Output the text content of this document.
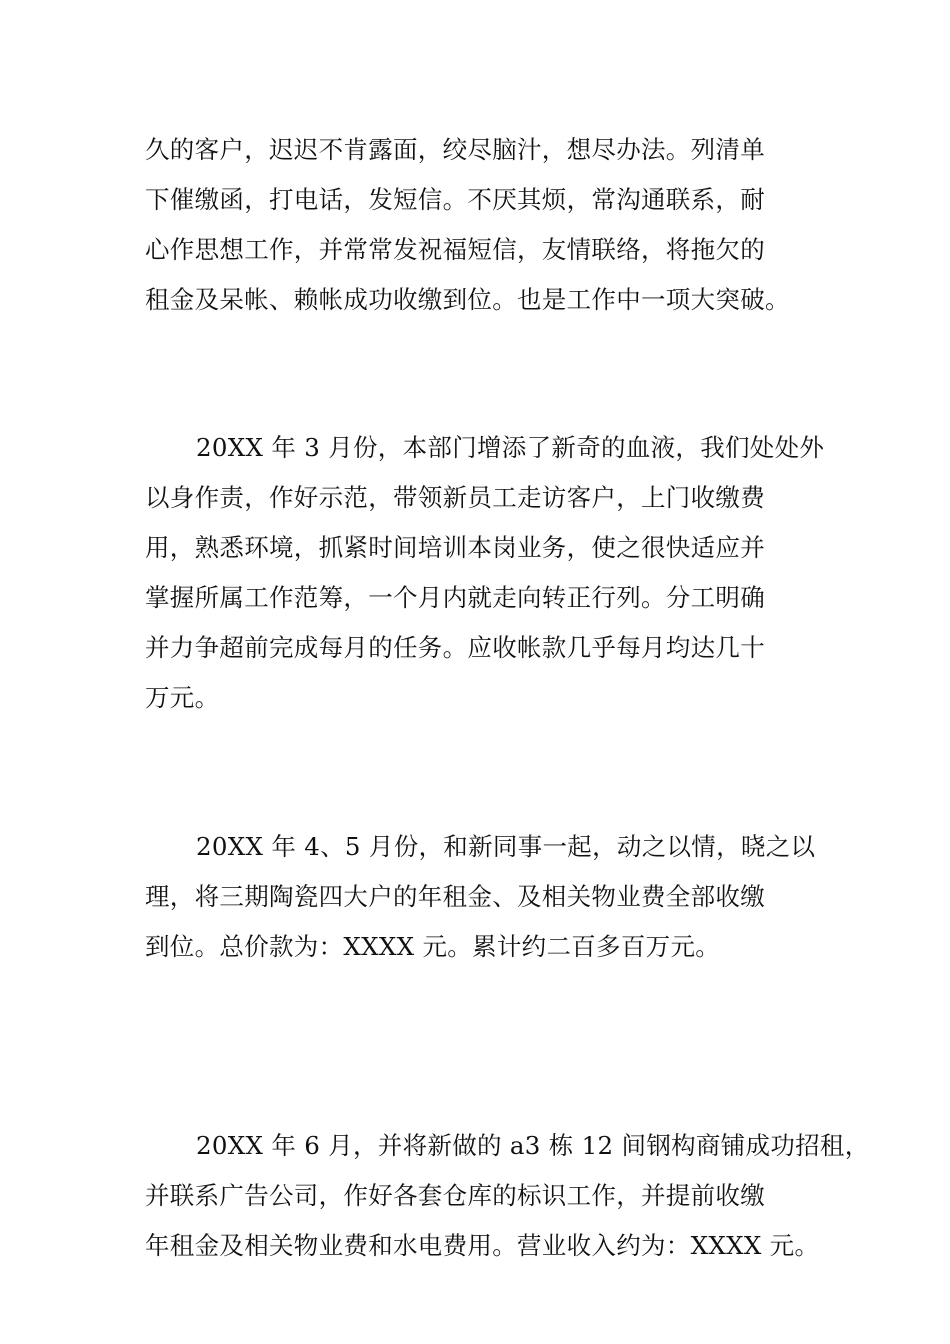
久的客户，迟迟不肯露面，绞尽脑汁，想尽办法。列清单
下催缴函，打电话，发短信。不厌其烦，常沟通联系，耐
心作思想工作，并常常发祝福短信，友情联络，将拖欠的
租金及呆帐、赖帐成功收缴到位。也是工作中一项大突破。
20XX 年 3 月份，本部门增添了新奇的血液，我们处处外
以身作责，作好示范，带领新员工走访客户，上门收缴费
用，熟悉环境，抓紧时间培训本岗业务，使之很快适应并
掌握所属工作范筹，一个月内就走向转正行列。分工明确
并力争超前完成每月的任务。应收帐款几乎每月均达几十
万元。
20XX 年 4、5 月份，和新同事一起，动之以情，晓之以
理，将三期陶瓷四大户的年租金、及相关物业费全部收缴
到位。总价款为：XXXX 元。累计约二百多百万元。
20XX 年 6 月，并将新做的 a3 栋 12 间钢构商铺成功招租，
并联系广告公司，作好各套仓库的标识工作，并提前收缴
年租金及相关物业费和水电费用。营业收入约为：XXXX 元。
